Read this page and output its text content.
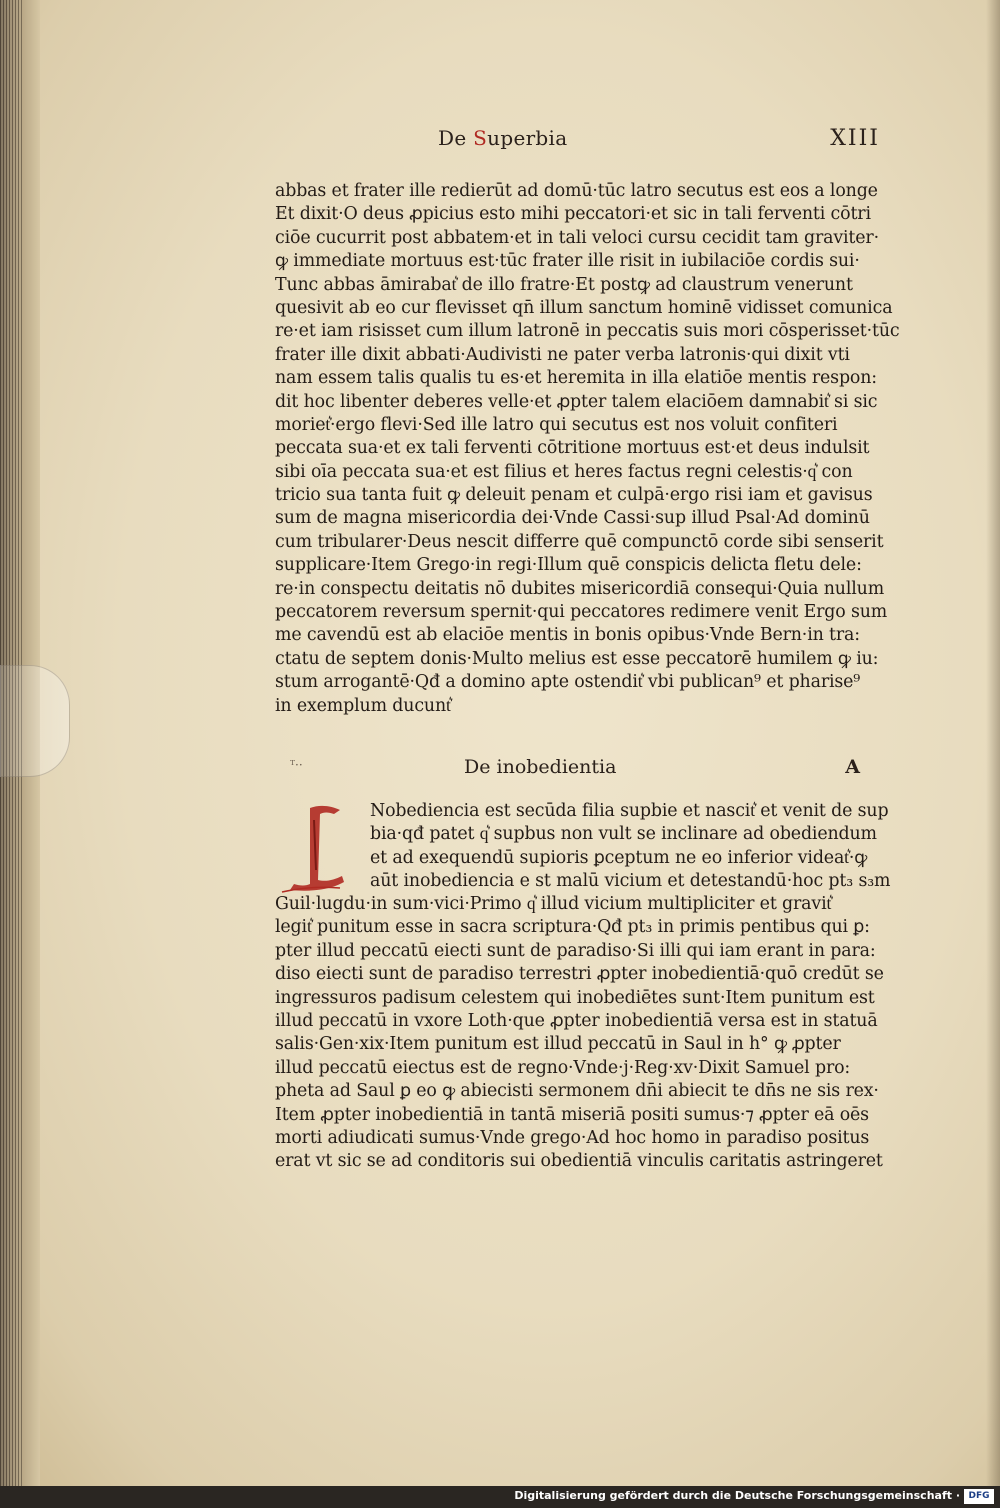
De Superbia	XIII
abbas et frater ille redierūt ad domū·tūc latro secutus est eos a longe
Et dixit·O deus ꝓpicius esto mihi peccatori·et sic in tali ferventi cōtri
ciōe cucurrit post abbatem·et in tali veloci cursu cecidit tam graviter·
ꝙ immediate mortuus est·tūc frater ille risit in iubilaciōe cordis sui·
Tunc abbas āmirabat͛ de illo fratre·Et postꝙ ad claustrum venerunt
quesivit ab eo cur flevisset qn̄ illum sanctum hominē vidisset comunica
re·et iam risisset cum illum latronē in peccatis suis mori cōsperisset·tūc
frater ille dixit abbati·Audivisti ne pater verba latronis·qui dixit vti
nam essem talis qualis tu es·et heremita in illa elatiōe mentis respon:
dit hoc libenter deberes velle·et ꝓpter talem elaciōem damnabit͛ si sic
moriet͛·ergo flevi·Sed ille latro qui secutus est nos voluit confiteri
peccata sua·et ex tali ferventi cōtritione mortuus est·et deus indulsit
sibi oīa peccata sua·et est filius et heres factus regni celestis·q͛ con
tricio sua tanta fuit ꝙ deleuit penam et culpā·ergo risi iam et gavisus
sum de magna misericordia dei·Vnde Cassi·sup illud Psal·Ad dominū
cum tribularer·Deus nescit differre quē compunctō corde sibi senserit
supplicare·Item Grego·in regi·Illum quē conspicis delicta fletu dele:
re·in conspectu deitatis nō dubites misericordiā consequi·Quia nullum
peccatorem reversum spernit·qui peccatores redimere venit Ergo sum
me cavendū est ab elaciōe mentis in bonis opibus·Vnde Bern·in tra:
ctatu de septem donis·Multo melius est esse peccatorē humilem ꝙ iu:
stum arrogantē·Qđ a domino apte ostendit͛ vbi publican⁹ et pharise⁹
in exemplum ducunt͛
ᵀ··	De inobedientia	A
Nobediencia est secūda filia supbie et nascit͛ et venit de sup
bia·qđ patet q͛ supbus non vult se inclinare ad obediendum
et ad exequendū supioris ꝑceptum ne eo inferior videat͛·ꝙ
aūt inobediencia e st malū vicium et detestandū·hoc pt₃ s₃m
Guil·lugdu·in sum·vici·Primo q͛ illud vicium multipliciter et gravit͛
legit͛ punitum esse in sacra scriptura·Qđ pt₃ in primis pentibus qui ꝑ:
pter illud peccatū eiecti sunt de paradiso·Si illi qui iam erant in para:
diso eiecti sunt de paradiso terrestri ꝓpter inobedientiā·quō credūt se
ingressuros padisum celestem qui inobediētes sunt·Item punitum est
illud peccatū in vxore Loth·que ꝓpter inobedientiā versa est in statuā
salis·Gen·xix·Item punitum est illud peccatū in Saul in h° ꝙ ꝓpter
illud peccatū eiectus est de regno·Vnde·j·Reg·xv·Dixit Samuel pro:
pheta ad Saul ꝑ eo ꝙ abiecisti sermonem dn̄i abiecit te dn̄s ne sis rex·
Item ꝓpter inobedientiā in tantā miseriā positi sumus·⁊ ꝓpter eā oēs
morti adiudicati sumus·Vnde grego·Ad hoc homo in paradiso positus
erat vt sic se ad conditoris sui obedientiā vinculis caritatis astringeret
Digitalisierung gefördert durch die Deutsche Forschungsgemeinschaft · DFG
